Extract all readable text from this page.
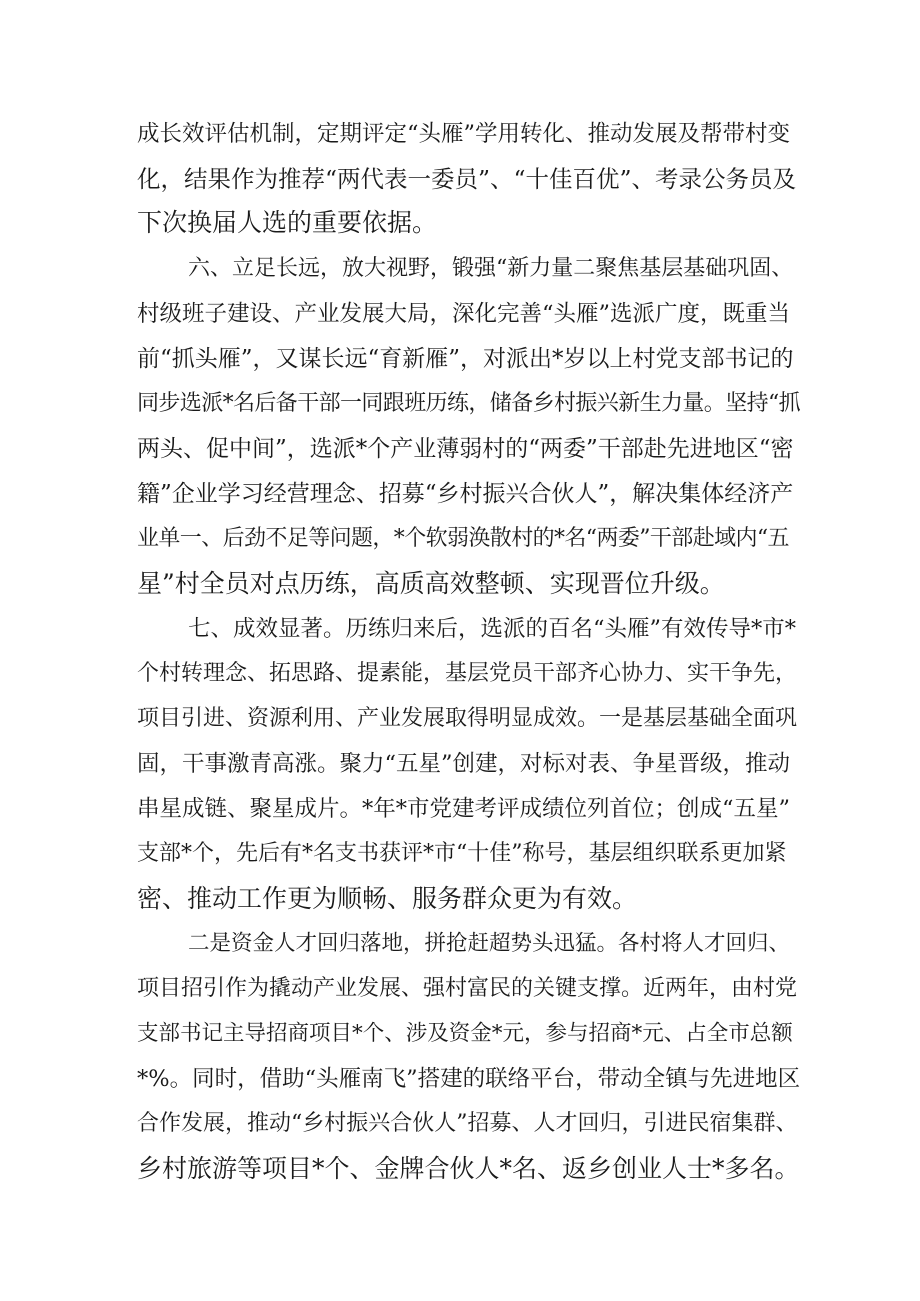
成长效评估机制，定期评定“头雁”学用转化、推动发展及帮带村变
化，结果作为推荐“两代表一委员”、“十佳百优”、考录公务员及
下次换届人选的重要依据。
六、立足长远，放大视野，锻强“新力量二聚焦基层基础巩固、
村级班子建设、产业发展大局，深化完善“头雁”选派广度，既重当
前“抓头雁”，又谋长远“育新雁”，对派出*岁以上村党支部书记的
同步选派*名后备干部一同跟班历练，储备乡村振兴新生力量。坚持“抓
两头、促中间”，选派*个产业薄弱村的“两委”干部赴先进地区“密
籍”企业学习经营理念、招募“乡村振兴合伙人”，解决集体经济产
业单一、后劲不足等问题，*个软弱涣散村的*名“两委”干部赴域内“五
星”村全员对点历练，高质高效整顿、实现晋位升级。
七、成效显著。历练归来后，选派的百名“头雁”有效传导*市*
个村转理念、拓思路、提素能，基层党员干部齐心协力、实干争先，
项目引进、资源利用、产业发展取得明显成效。一是基层基础全面巩
固，干事激青高涨。聚力“五星”创建，对标对表、争星晋级，推动
串星成链、聚星成片。*年*市党建考评成绩位列首位；创成“五星”
支部*个，先后有*名支书获评*市“十佳”称号，基层组织联系更加紧
密、推动工作更为顺畅、服务群众更为有效。
二是资金人才回归落地，拼抢赶超势头迅猛。各村将人才回归、
项目招引作为撬动产业发展、强村富民的关键支撑。近两年，由村党
支部书记主导招商项目*个、涉及资金*元，参与招商*元、占全市总额
*%。同时，借助“头雁南飞”搭建的联络平台，带动全镇与先进地区
合作发展，推动“乡村振兴合伙人”招募、人才回归，引进民宿集群、
乡村旅游等项目*个、金牌合伙人*名、返乡创业人士*多名。
